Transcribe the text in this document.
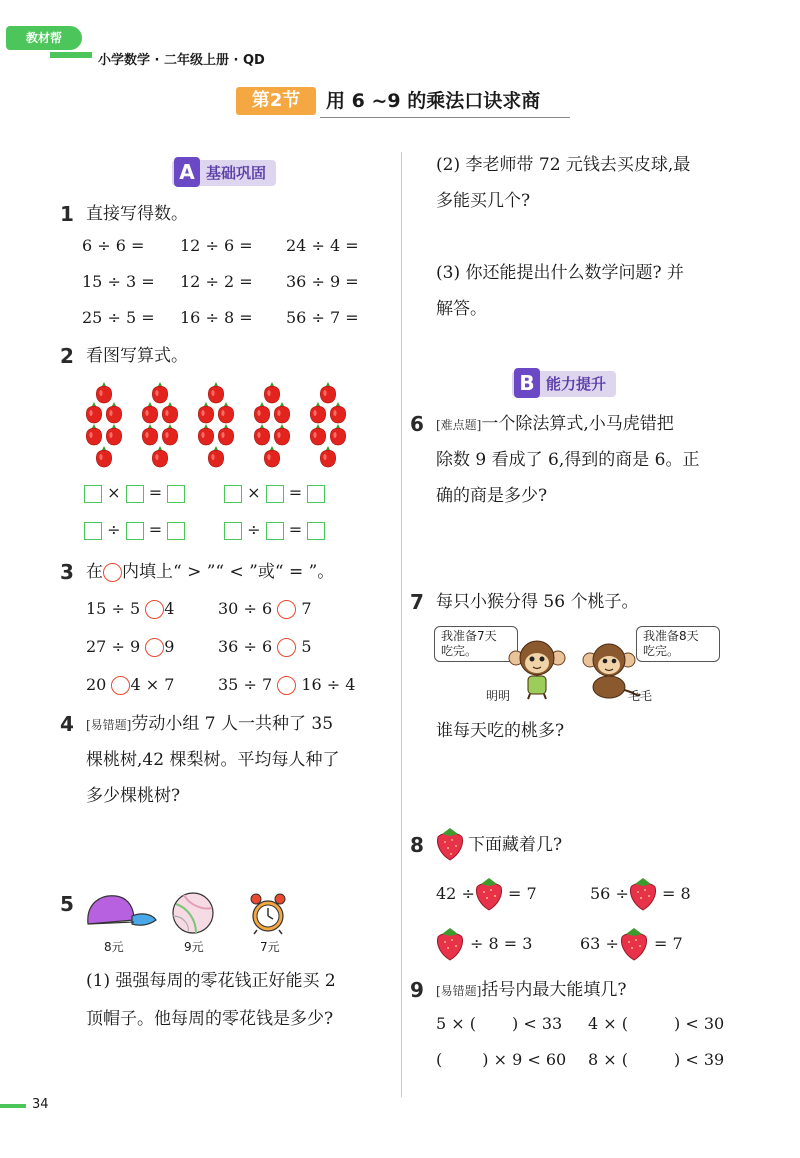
教材帮
小学数学 · 二年级上册 · QD
第2节	用 6 ~9 的乘法口诀求商
A 基础巩固
1 直接写得数。
6 ÷ 6 = 12 ÷ 6 = 24 ÷ 4 =
15 ÷ 3 = 12 ÷ 2 = 36 ÷ 9 =
25 ÷ 5 = 16 ÷ 8 = 56 ÷ 7 =
2 看图写算式。
× =	× =
÷ =	÷ =
3 在 内填上“ > ”“ < ”或“ = ”。
15 ÷ 5 4	30 ÷ 6 7
27 ÷ 9 9	36 ÷ 6 5
20 4 × 7	35 ÷ 7 16 ÷ 4
4 [易错题]劳动小组 7 人一共种了 35
棵桃树,42 棵梨树。平均每人种了
多少棵桃树?
5
8元	9元	7元
(1) 强强每周的零花钱正好能买 2
顶帽子。他每周的零花钱是多少?
(2) 李老师带 72 元钱去买皮球,最
多能买几个?
(3) 你还能提出什么数学问题? 并
解答。
B 能力提升
6 [难点题]一个除法算式,小马虎错把
除数 9 看成了 6,得到的商是 6。正
确的商是多少?
7 每只小猴分得 56 个桃子。
我准备7天
吃完。
我准备8天
吃完。
明明	毛毛
谁每天吃的桃多?
8	下面藏着几?
42 ÷ = 7	56 ÷ = 8
÷ 8 = 3	63 ÷ = 7
9 [易错题]括号内最大能填几?
5 × ( ) < 33 4 × (	) < 30
(	) × 9 < 60 8 × (	) < 39
34
